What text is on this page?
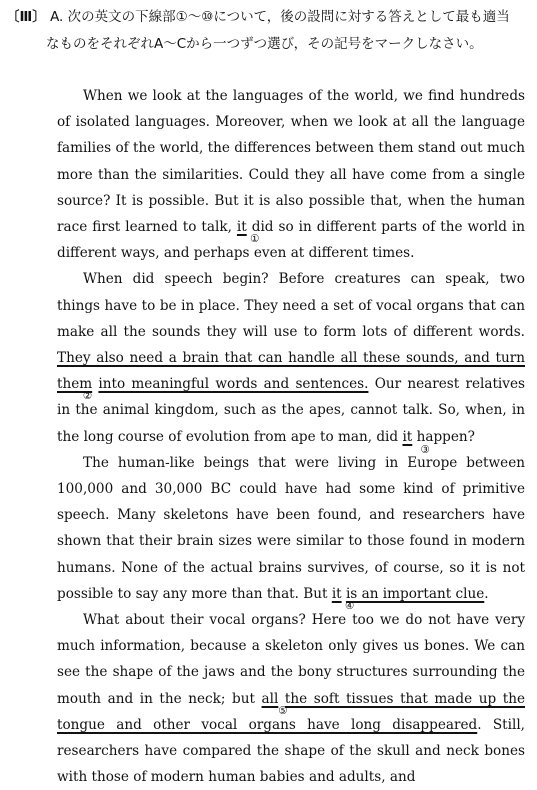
〔Ⅲ〕 A. 次の英文の下線部①～⑩について，後の設問に対する答えとして最も適当
なものをそれぞれA～Cから一つずつ選び，その記号をマークしなさい。

When we look at the languages of the world, we find hundreds of isolated languages. Moreover, when we look at all the language families of the world, the differences between them stand out much more than the similarities. Could they all have come from a single source? It is possible. But it is also possible that, when the human race first learned to talk, it
①
did so in different parts of the world in different ways, and perhaps even at different times.

When did speech begin? Before creatures can speak, two things have to be in place. They need a set of vocal organs that can make all the sounds they will use to form lots of different words. They also need a brain that can handle all these sounds, and turn them
②
into meaningful words and sentences. Our nearest relatives in the animal kingdom, such as the apes, cannot talk. So, when, in the long course of evolution from ape to man, did it
③
happen?

The human-like beings that were living in Europe between 100,000 and 30,000 BC could have had some kind of primitive speech. Many skeletons have been found, and researchers have shown that their brain sizes were similar to those found in modern humans. None of the actual brains survives, of course, so it is not possible to say any more than that. But it
④
is an important clue.

What about their vocal organs? Here too we do not have very much information, because a skeleton only gives us bones. We can see the shape of the jaws and the bony structures surrounding the mouth and in the neck; but all
⑤
the soft tissues that made up the tongue and other vocal organs have long disappeared. Still, researchers have compared the shape of the skull and neck bones with those of modern human babies and adults, and
